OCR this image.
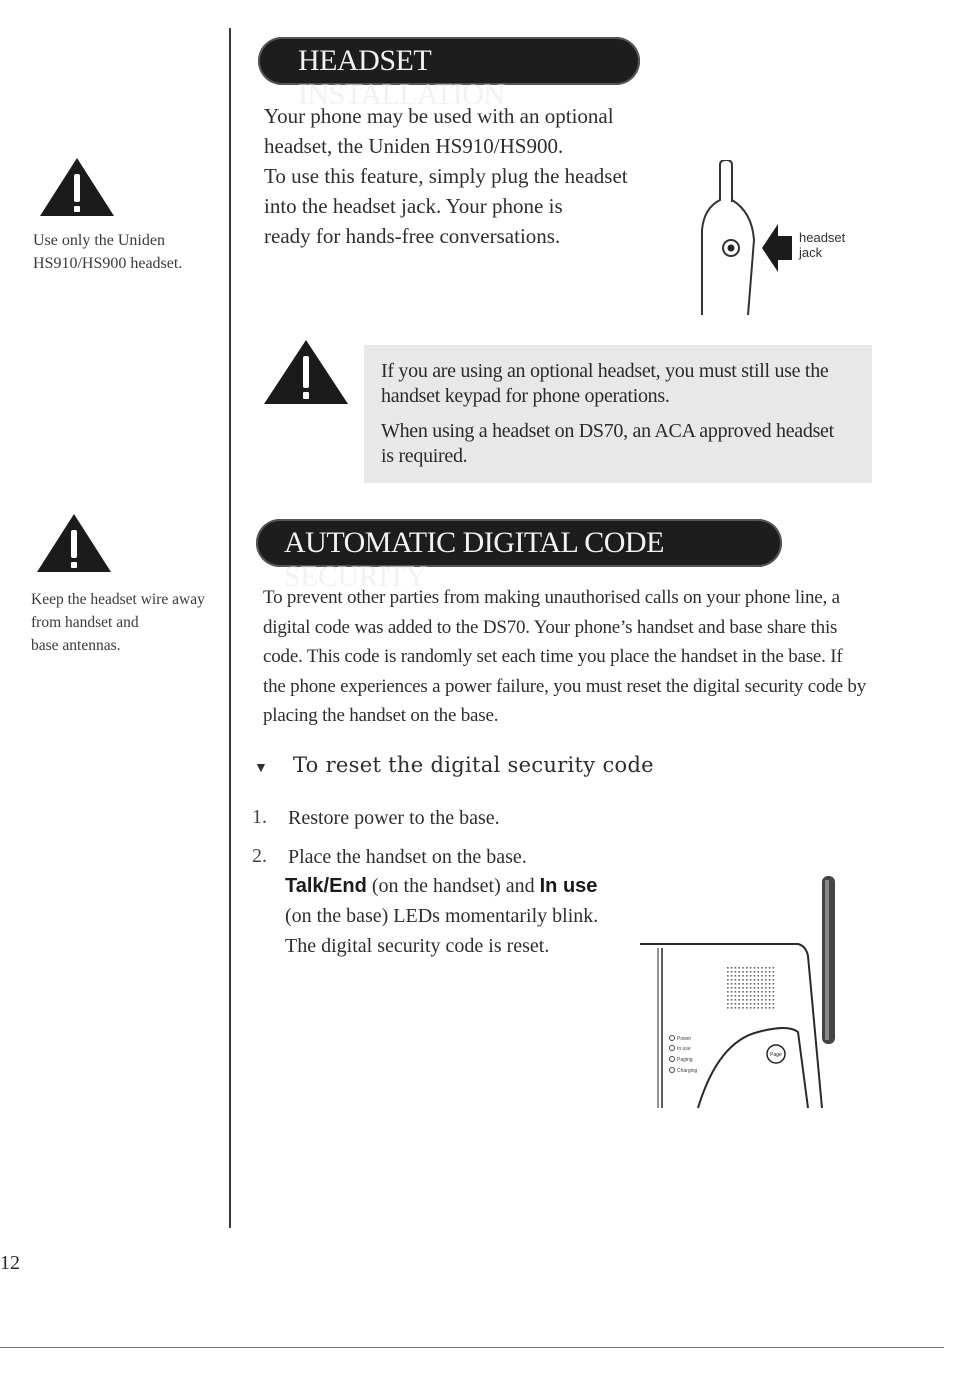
Use only the Uniden
HS910/HS900 headset.
Keep the headset wire away
from handset and
base antennas.
HEADSET INSTALLATION
Your phone may be used with an optional
headset, the Uniden HS910/HS900.
To use this feature, simply plug the headset
into the headset jack. Your phone is
ready for hands-free conversations.	headset
jack

If you are using an optional headset, you must still use the
handset keypad for phone operations.

When using a headset on DS70, an ACA approved headset
is required.

AUTOMATIC DIGITAL CODE SECURITY
To prevent other parties from making unauthorised calls on your phone line, a
digital code was added to the DS70. Your phone’s handset and base share this
code. This code is randomly set each time you place the handset in the base. If
the phone experiences a power failure, you must reset the digital security code by
placing the handset on the base.
▼ To reset the digital security code
1. Restore power to the base.
2. Place the handset on the base.
Talk/End (on the handset) and In use
(on the base) LEDs momentarily blink.
The digital security code is reset.
Power
In use
Paging
Charging
Page
12
